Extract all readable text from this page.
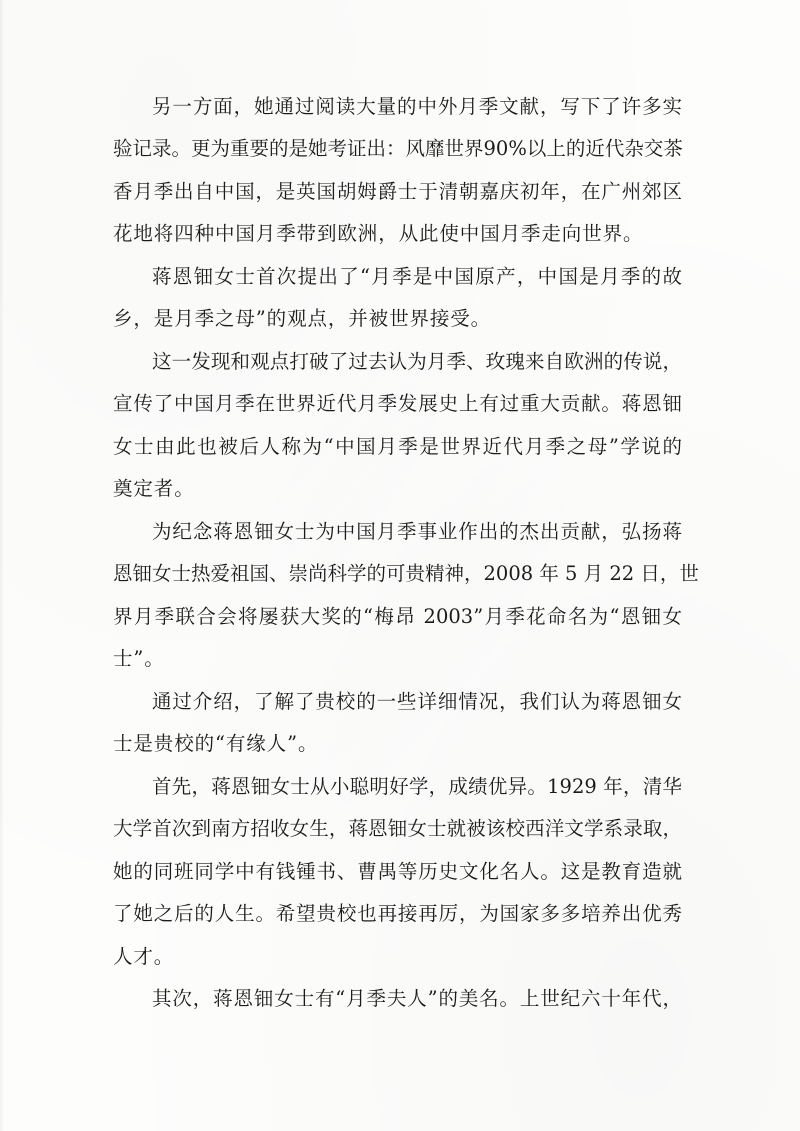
另一方面，她通过阅读大量的中外月季文献，写下了许多实
验记录。更为重要的是她考证出：风靡世界90%以上的近代杂交茶
香月季出自中国，是英国胡姆爵士于清朝嘉庆初年，在广州郊区
花地将四种中国月季带到欧洲，从此使中国月季走向世界。
蒋恩钿女士首次提出了“月季是中国原产，中国是月季的故
乡，是月季之母”的观点，并被世界接受。
这一发现和观点打破了过去认为月季、玫瑰来自欧洲的传说，
宣传了中国月季在世界近代月季发展史上有过重大贡献。蒋恩钿
女士由此也被后人称为“中国月季是世界近代月季之母”学说的
奠定者。
为纪念蒋恩钿女士为中国月季事业作出的杰出贡献，弘扬蒋
恩钿女士热爱祖国、崇尚科学的可贵精神，2008 年 5 月 22 日，世
界月季联合会将屡获大奖的“梅昂 2003”月季花命名为“恩钿女
士”。
通过介绍，了解了贵校的一些详细情况，我们认为蒋恩钿女
士是贵校的“有缘人”。
首先，蒋恩钿女士从小聪明好学，成绩优异。1929 年，清华
大学首次到南方招收女生，蒋恩钿女士就被该校西洋文学系录取，
她的同班同学中有钱锺书、曹禺等历史文化名人。这是教育造就
了她之后的人生。希望贵校也再接再厉，为国家多多培养出优秀
人才。
其次，蒋恩钿女士有“月季夫人”的美名。上世纪六十年代，
